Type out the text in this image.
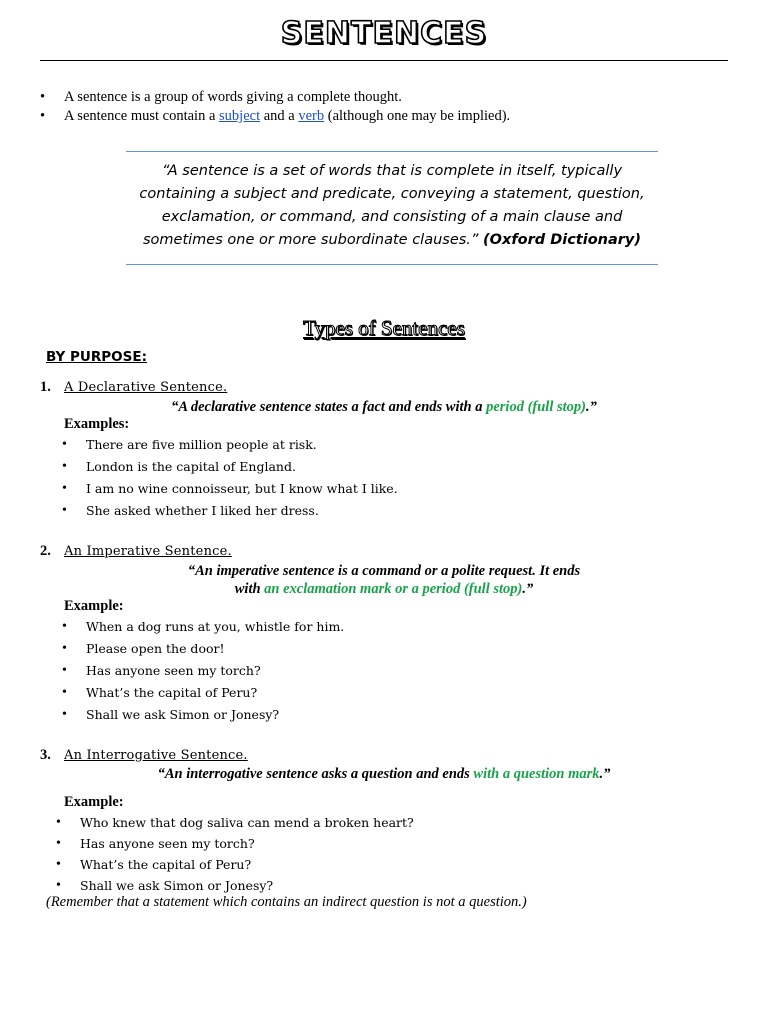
SENTENCES
• A sentence is a group of words giving a complete thought.
• A sentence must contain a subject and a verb (although one may be implied).
“A sentence is a set of words that is complete in itself, typically containing a subject and predicate, conveying a statement, question, exclamation, or command, and consisting of a main clause and sometimes one or more subordinate clauses.” (Oxford Dictionary)
Types of Sentences
BY PURPOSE:
1. A Declarative Sentence.
“A declarative sentence states a fact and ends with a period (full stop).”
Examples:
• There are five million people at risk.
• London is the capital of England.
• I am no wine connoisseur, but I know what I like.
• She asked whether I liked her dress.
2. An Imperative Sentence.
“An imperative sentence is a command or a polite request. It ends
with an exclamation mark or a period (full stop).”
Example:
• When a dog runs at you, whistle for him.
• Please open the door!
• Has anyone seen my torch?
• What’s the capital of Peru?
• Shall we ask Simon or Jonesy?
3. An Interrogative Sentence.
“An interrogative sentence asks a question and ends with a question mark.”
Example:
• Who knew that dog saliva can mend a broken heart?
• Has anyone seen my torch?
• What’s the capital of Peru?
• Shall we ask Simon or Jonesy?
(Remember that a statement which contains an indirect question is not a question.)
